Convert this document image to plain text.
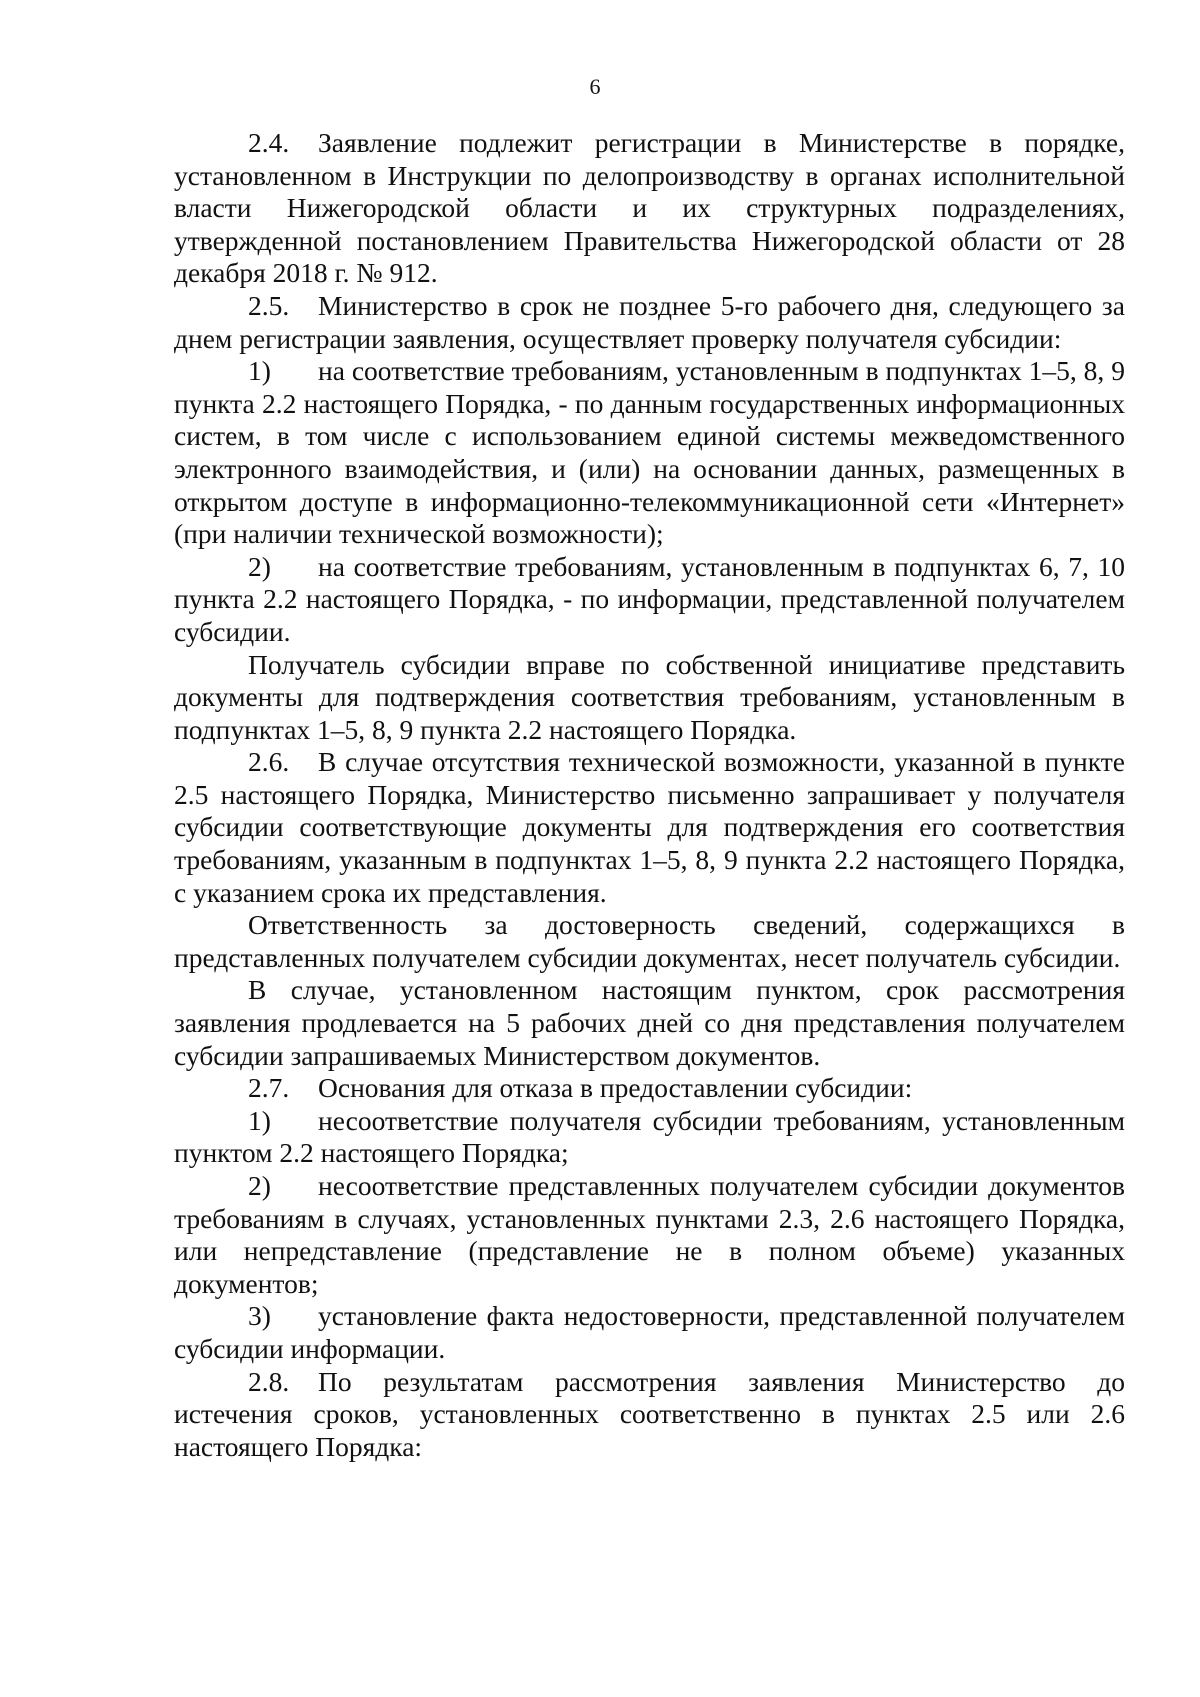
6

2.4. Заявление подлежит регистрации в Министерстве в порядке, установленном в Инструкции по делопроизводству в органах исполнительной власти Нижегородской области и их структурных подразделениях, утвержденной постановлением Правительства Нижегородской области от 28 декабря 2018 г. № 912.

2.5. Министерство в срок не позднее 5-го рабочего дня, следующего за днем регистрации заявления, осуществляет проверку получателя субсидии:

1) на соответствие требованиям, установленным в подпунктах 1–5, 8, 9 пункта 2.2 настоящего Порядка, - по данным государственных информационных систем, в том числе с использованием единой системы межведомственного электронного взаимодействия, и (или) на основании данных, размещенных в открытом доступе в информационно-телекоммуникационной сети «Интернет» (при наличии технической возможности);

2) на соответствие требованиям, установленным в подпунктах 6, 7, 10 пункта 2.2 настоящего Порядка, - по информации, представленной получателем субсидии.

Получатель субсидии вправе по собственной инициативе представить документы для подтверждения соответствия требованиям, установленным в подпунктах 1–5, 8, 9 пункта 2.2 настоящего Порядка.

2.6. В случае отсутствия технической возможности, указанной в пункте 2.5 настоящего Порядка, Министерство письменно запрашивает у получателя субсидии соответствующие документы для подтверждения его соответствия требованиям, указанным в подпунктах 1–5, 8, 9 пункта 2.2 настоящего Порядка, с указанием срока их представления.

Ответственность за достоверность сведений, содержащихся в представленных получателем субсидии документах, несет получатель субсидии.

В случае, установленном настоящим пунктом, срок рассмотрения заявления продлевается на 5 рабочих дней со дня представления получателем субсидии запрашиваемых Министерством документов.

2.7. Основания для отказа в предоставлении субсидии:

1) несоответствие получателя субсидии требованиям, установленным пунктом 2.2 настоящего Порядка;

2) несоответствие представленных получателем субсидии документов требованиям в случаях, установленных пунктами 2.3, 2.6 настоящего Порядка, или непредставление (представление не в полном объеме) указанных документов;

3) установление факта недостоверности, представленной получателем субсидии информации.

2.8. По результатам рассмотрения заявления Министерство до истечения сроков, установленных соответственно в пунктах 2.5 или 2.6 настоящего Порядка:
